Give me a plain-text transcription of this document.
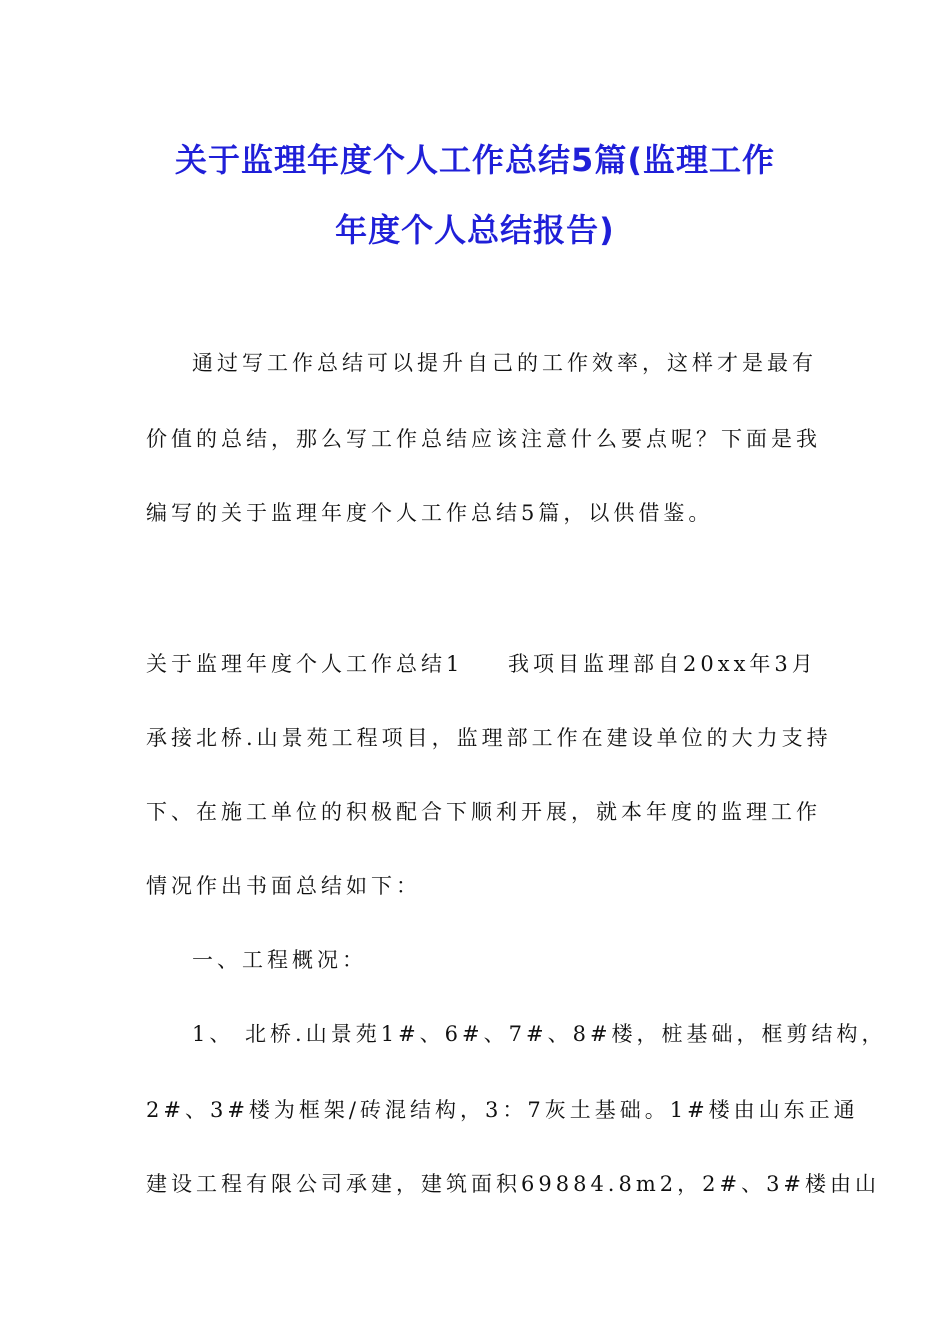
关于监理年度个人工作总结5篇(监理工作
年度个人总结报告)
通过写工作总结可以提升自己的工作效率，这样才是最有
价值的总结，那么写工作总结应该注意什么要点呢？下面是我
编写的关于监理年度个人工作总结5篇，以供借鉴。
关于监理年度个人工作总结1 我项目监理部自20xx年3月
承接北桥.山景苑工程项目，监理部工作在建设单位的大力支持
下、在施工单位的积极配合下顺利开展，就本年度的监理工作
情况作出书面总结如下：
一、工程概况：
1、 北桥.山景苑1#、6#、7#、8#楼，桩基础，框剪结构，
2#、3#楼为框架/砖混结构，3：7灰土基础。1#楼由山东正通
建设工程有限公司承建，建筑面积69884.8m2，2#、3#楼由山
